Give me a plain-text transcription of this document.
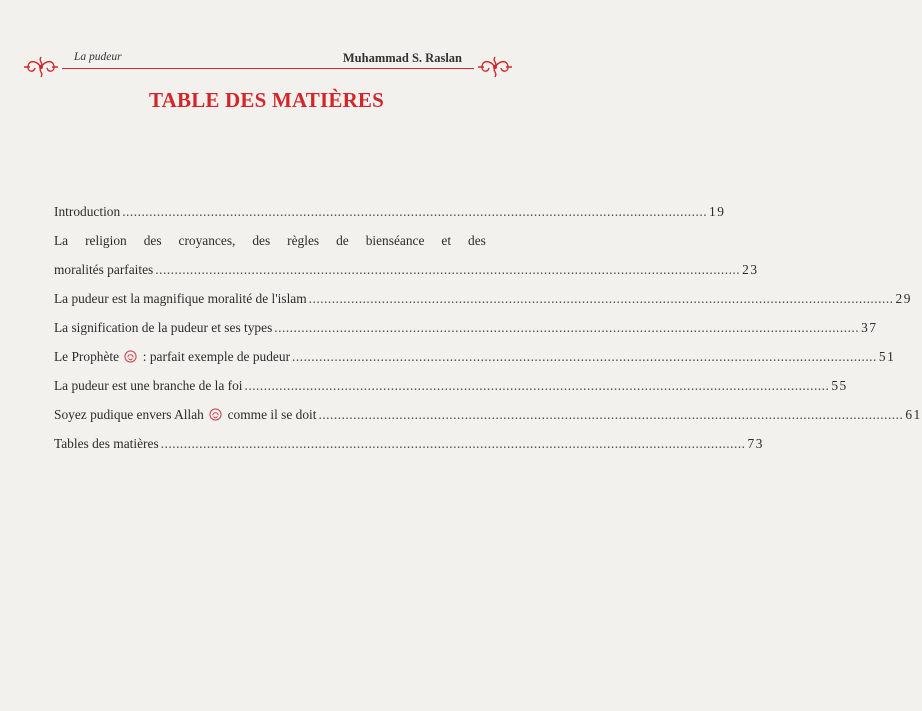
La pudeur	Muhammad S. Raslan
TABLE DES MATIÈRES
Introduction ........................................................................................................................................................ 19
La religion des croyances, des règles de bienséance et des
moralités parfaites ........................................................................................................................................................ 23
La pudeur est la magnifique moralité de l'islam ........................................................................................................................................................ 29
La signification de la pudeur et ses types ........................................................................................................................................................ 37
Le Prophète : parfait exemple de pudeur ........................................................................................................................................................ 51
La pudeur est une branche de la foi ........................................................................................................................................................ 55
Soyez pudique envers Allah comme il se doit ........................................................................................................................................................ 61
Tables des matières ........................................................................................................................................................ 73
